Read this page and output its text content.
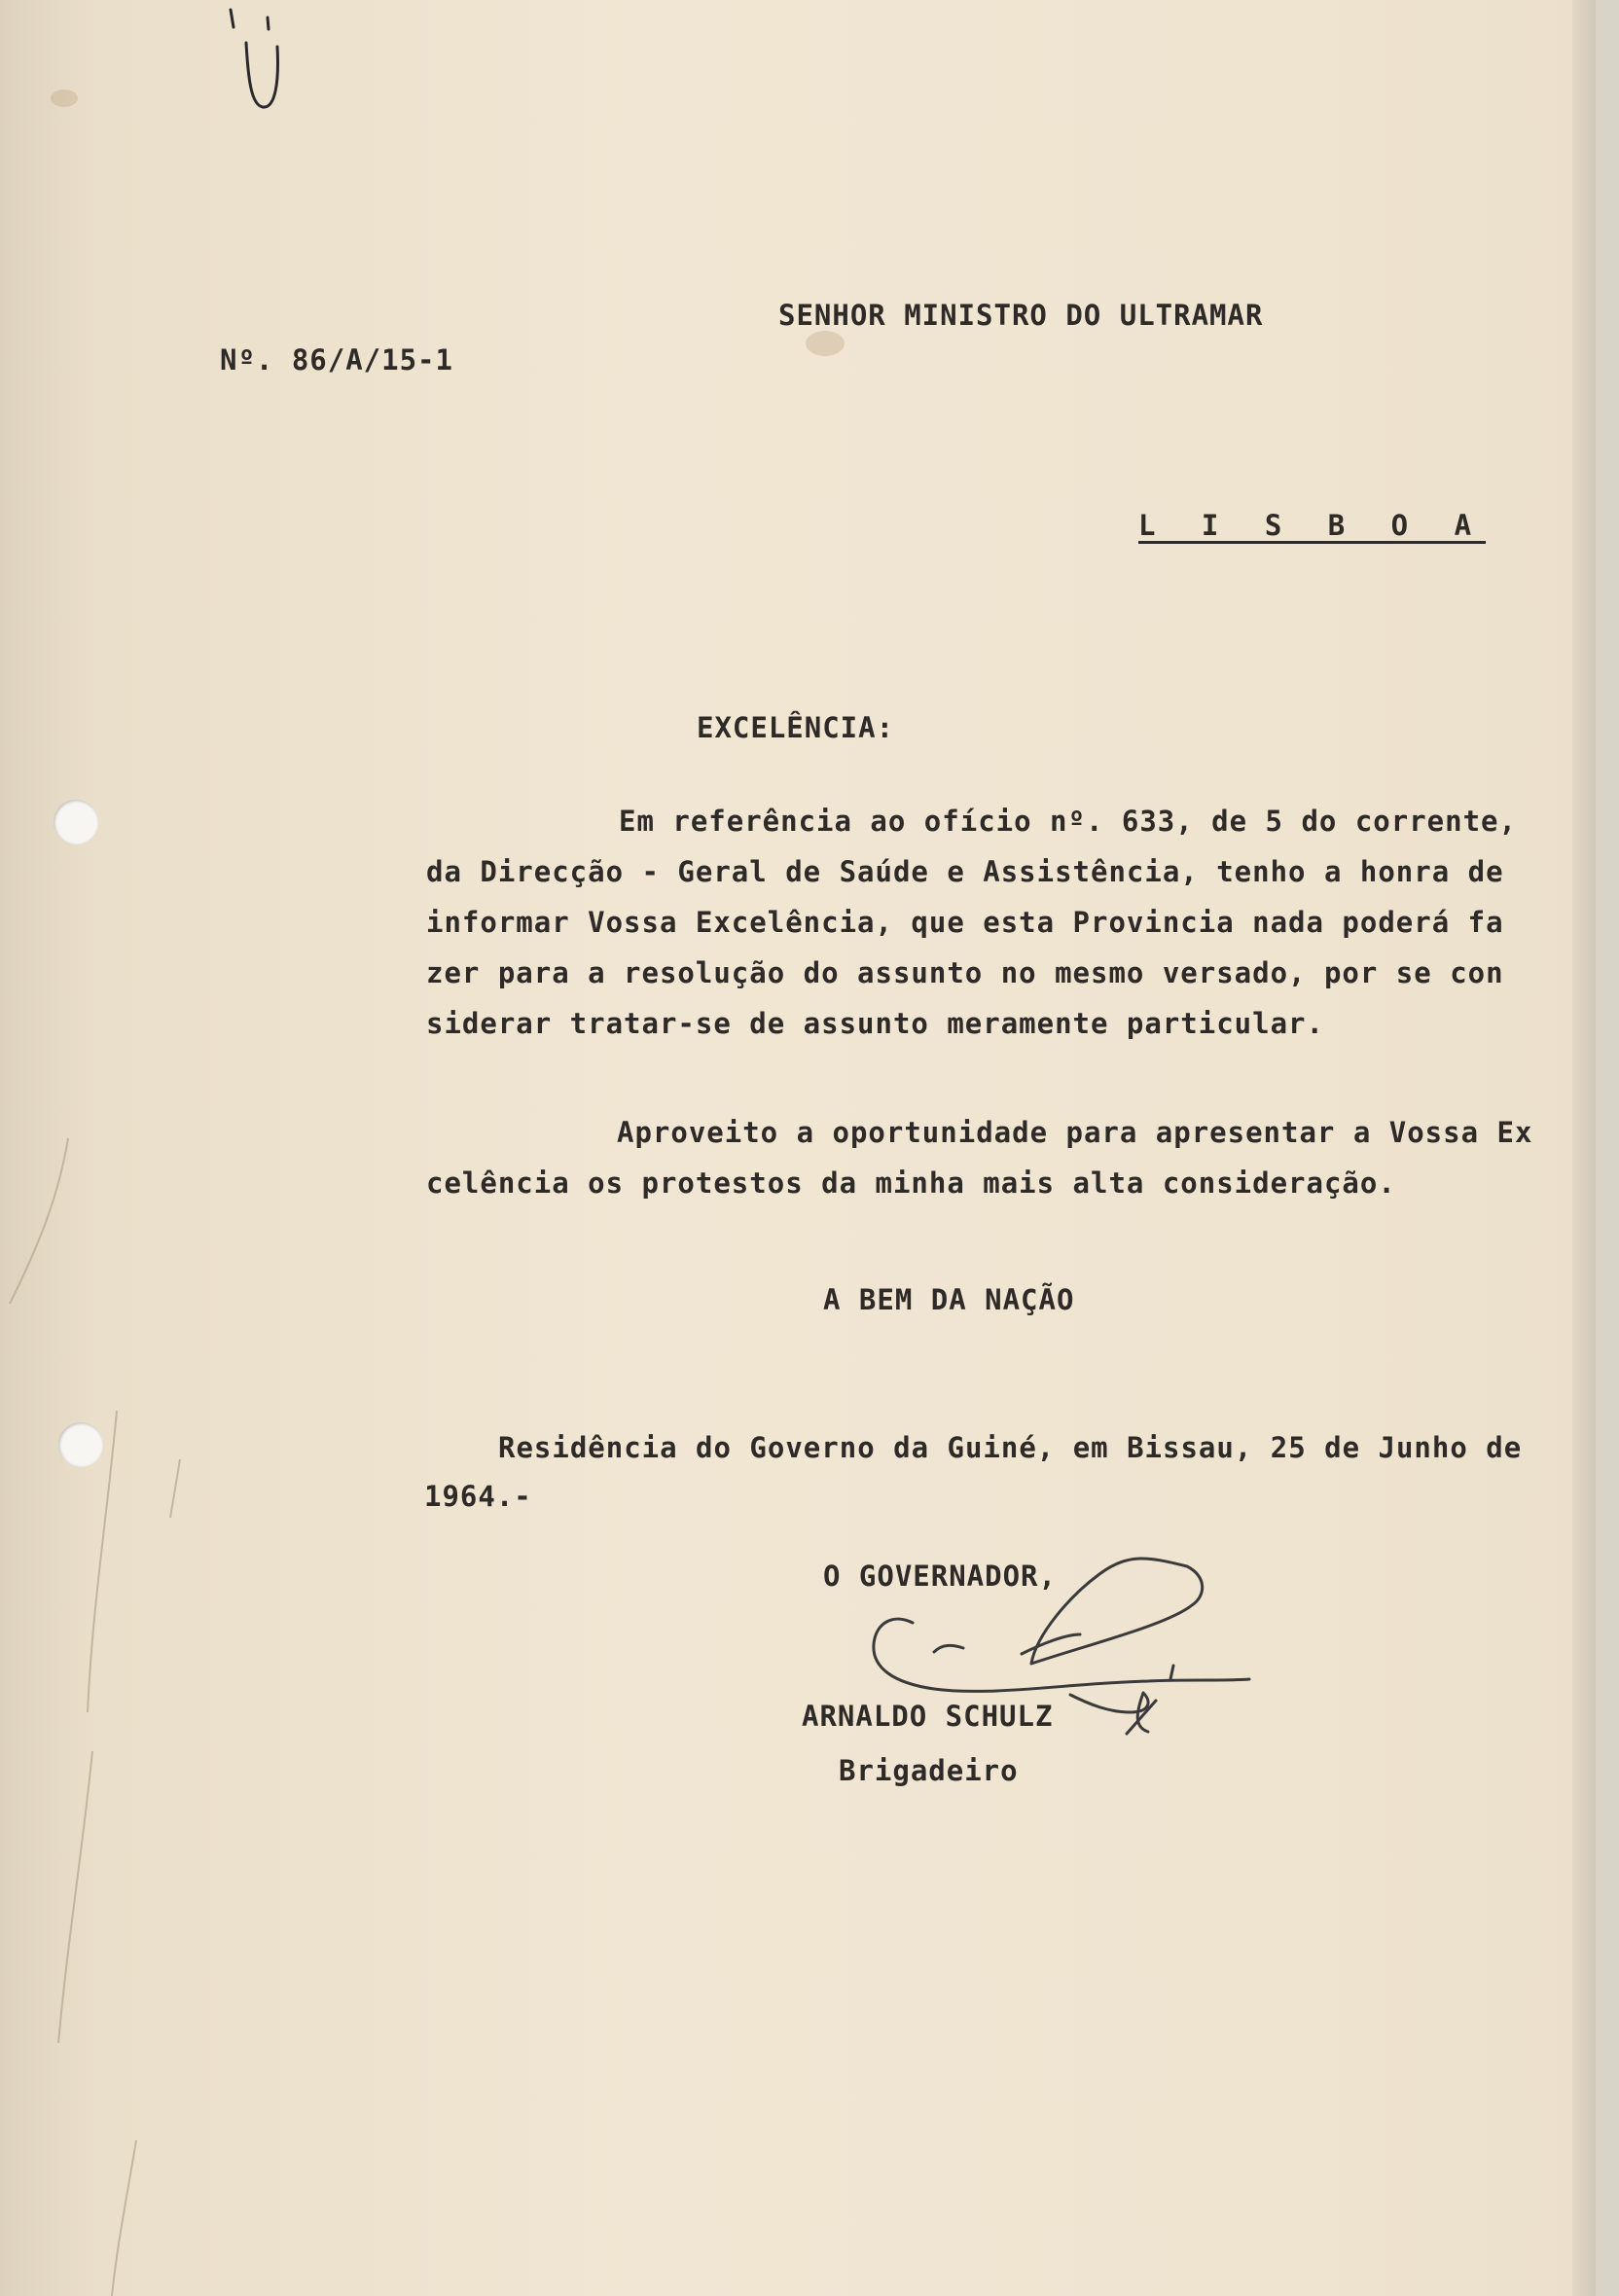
Nº. 86/A/15-1
SENHOR MINISTRO DO ULTRAMAR
L I S B O A
EXCELÊNCIA:
Em referência ao ofício nº. 633, de 5 do corrente,
da Direcção - Geral de Saúde e Assistência, tenho a honra de
informar Vossa Excelência, que esta Provincia nada poderá fa
zer para a resolução do assunto no mesmo versado, por se con
siderar tratar-se de assunto meramente particular.
Aproveito a oportunidade para apresentar a Vossa Ex
celência os protestos da minha mais alta consideração.
A BEM DA NAÇÃO
Residência do Governo da Guiné, em Bissau, 25 de Junho de
1964.-
O GOVERNADOR,
ARNALDO SCHULZ
Brigadeiro
